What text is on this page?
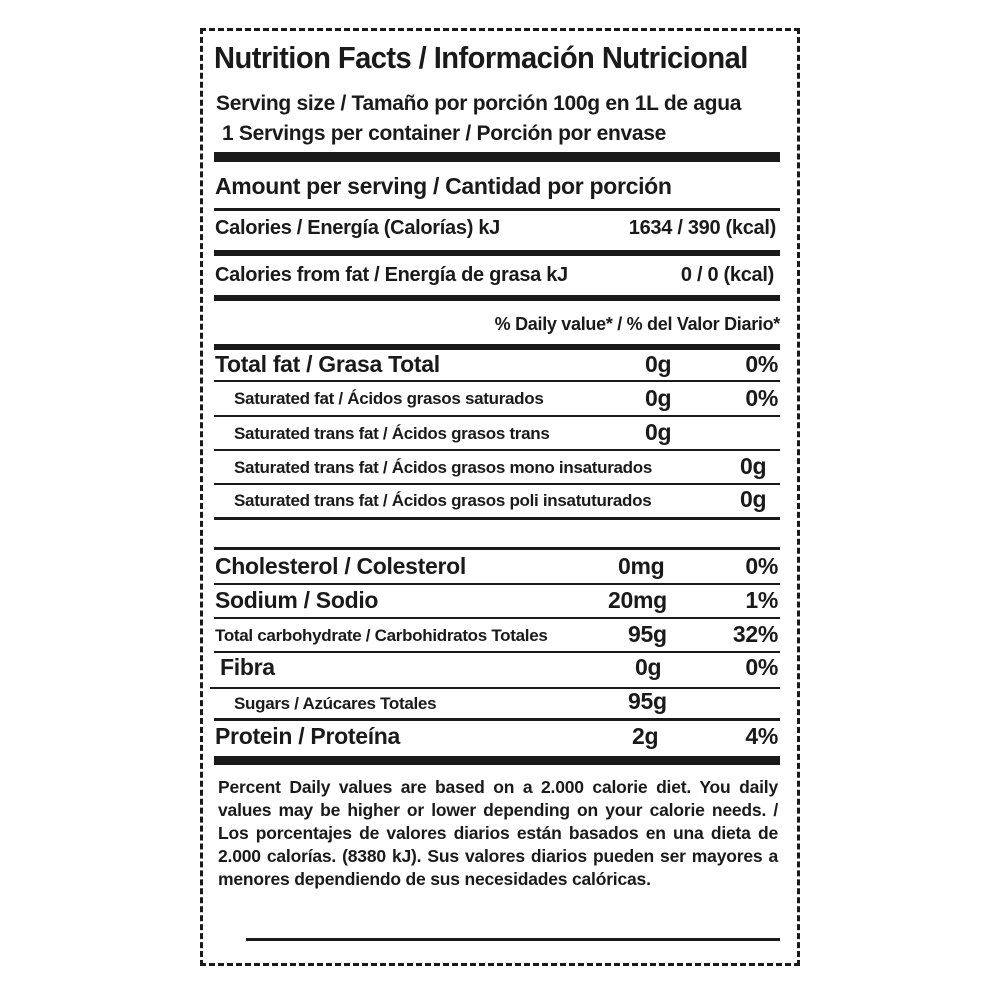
Nutrition Facts / Información Nutricional
Serving size / Tamaño por porción 100g en 1L de agua
1 Servings per container / Porción por envase
Amount per serving / Cantidad por porción
Calories / Energía (Calorías) kJ	1634 / 390 (kcal)
Calories from fat / Energía de grasa kJ	0 / 0 (kcal)
% Daily value* / % del Valor Diario*
Total fat / Grasa Total	0g	0%
Saturated fat / Ácidos grasos saturados	0g	0%
Saturated trans fat / Ácidos grasos trans	0g
Saturated trans fat / Ácidos grasos mono insaturados	0g
Saturated trans fat / Ácidos grasos poli insatuturados	0g
Cholesterol / Colesterol	0mg	0%
Sodium / Sodio	20mg	1%
Total carbohydrate / Carbohidratos Totales	95g	32%
Fibra	0g	0%
Sugars / Azúcares Totales	95g
Protein / Proteína	2g	4%
Percent Daily values are based on a 2.000 calorie diet. You daily values may be higher or lower depending on your calorie needs. / Los porcentajes de valores diarios están basados en una dieta de 2.000 calorías. (8380 kJ). Sus valores diarios pueden ser mayores a menores dependiendo de sus necesidades calóricas.
